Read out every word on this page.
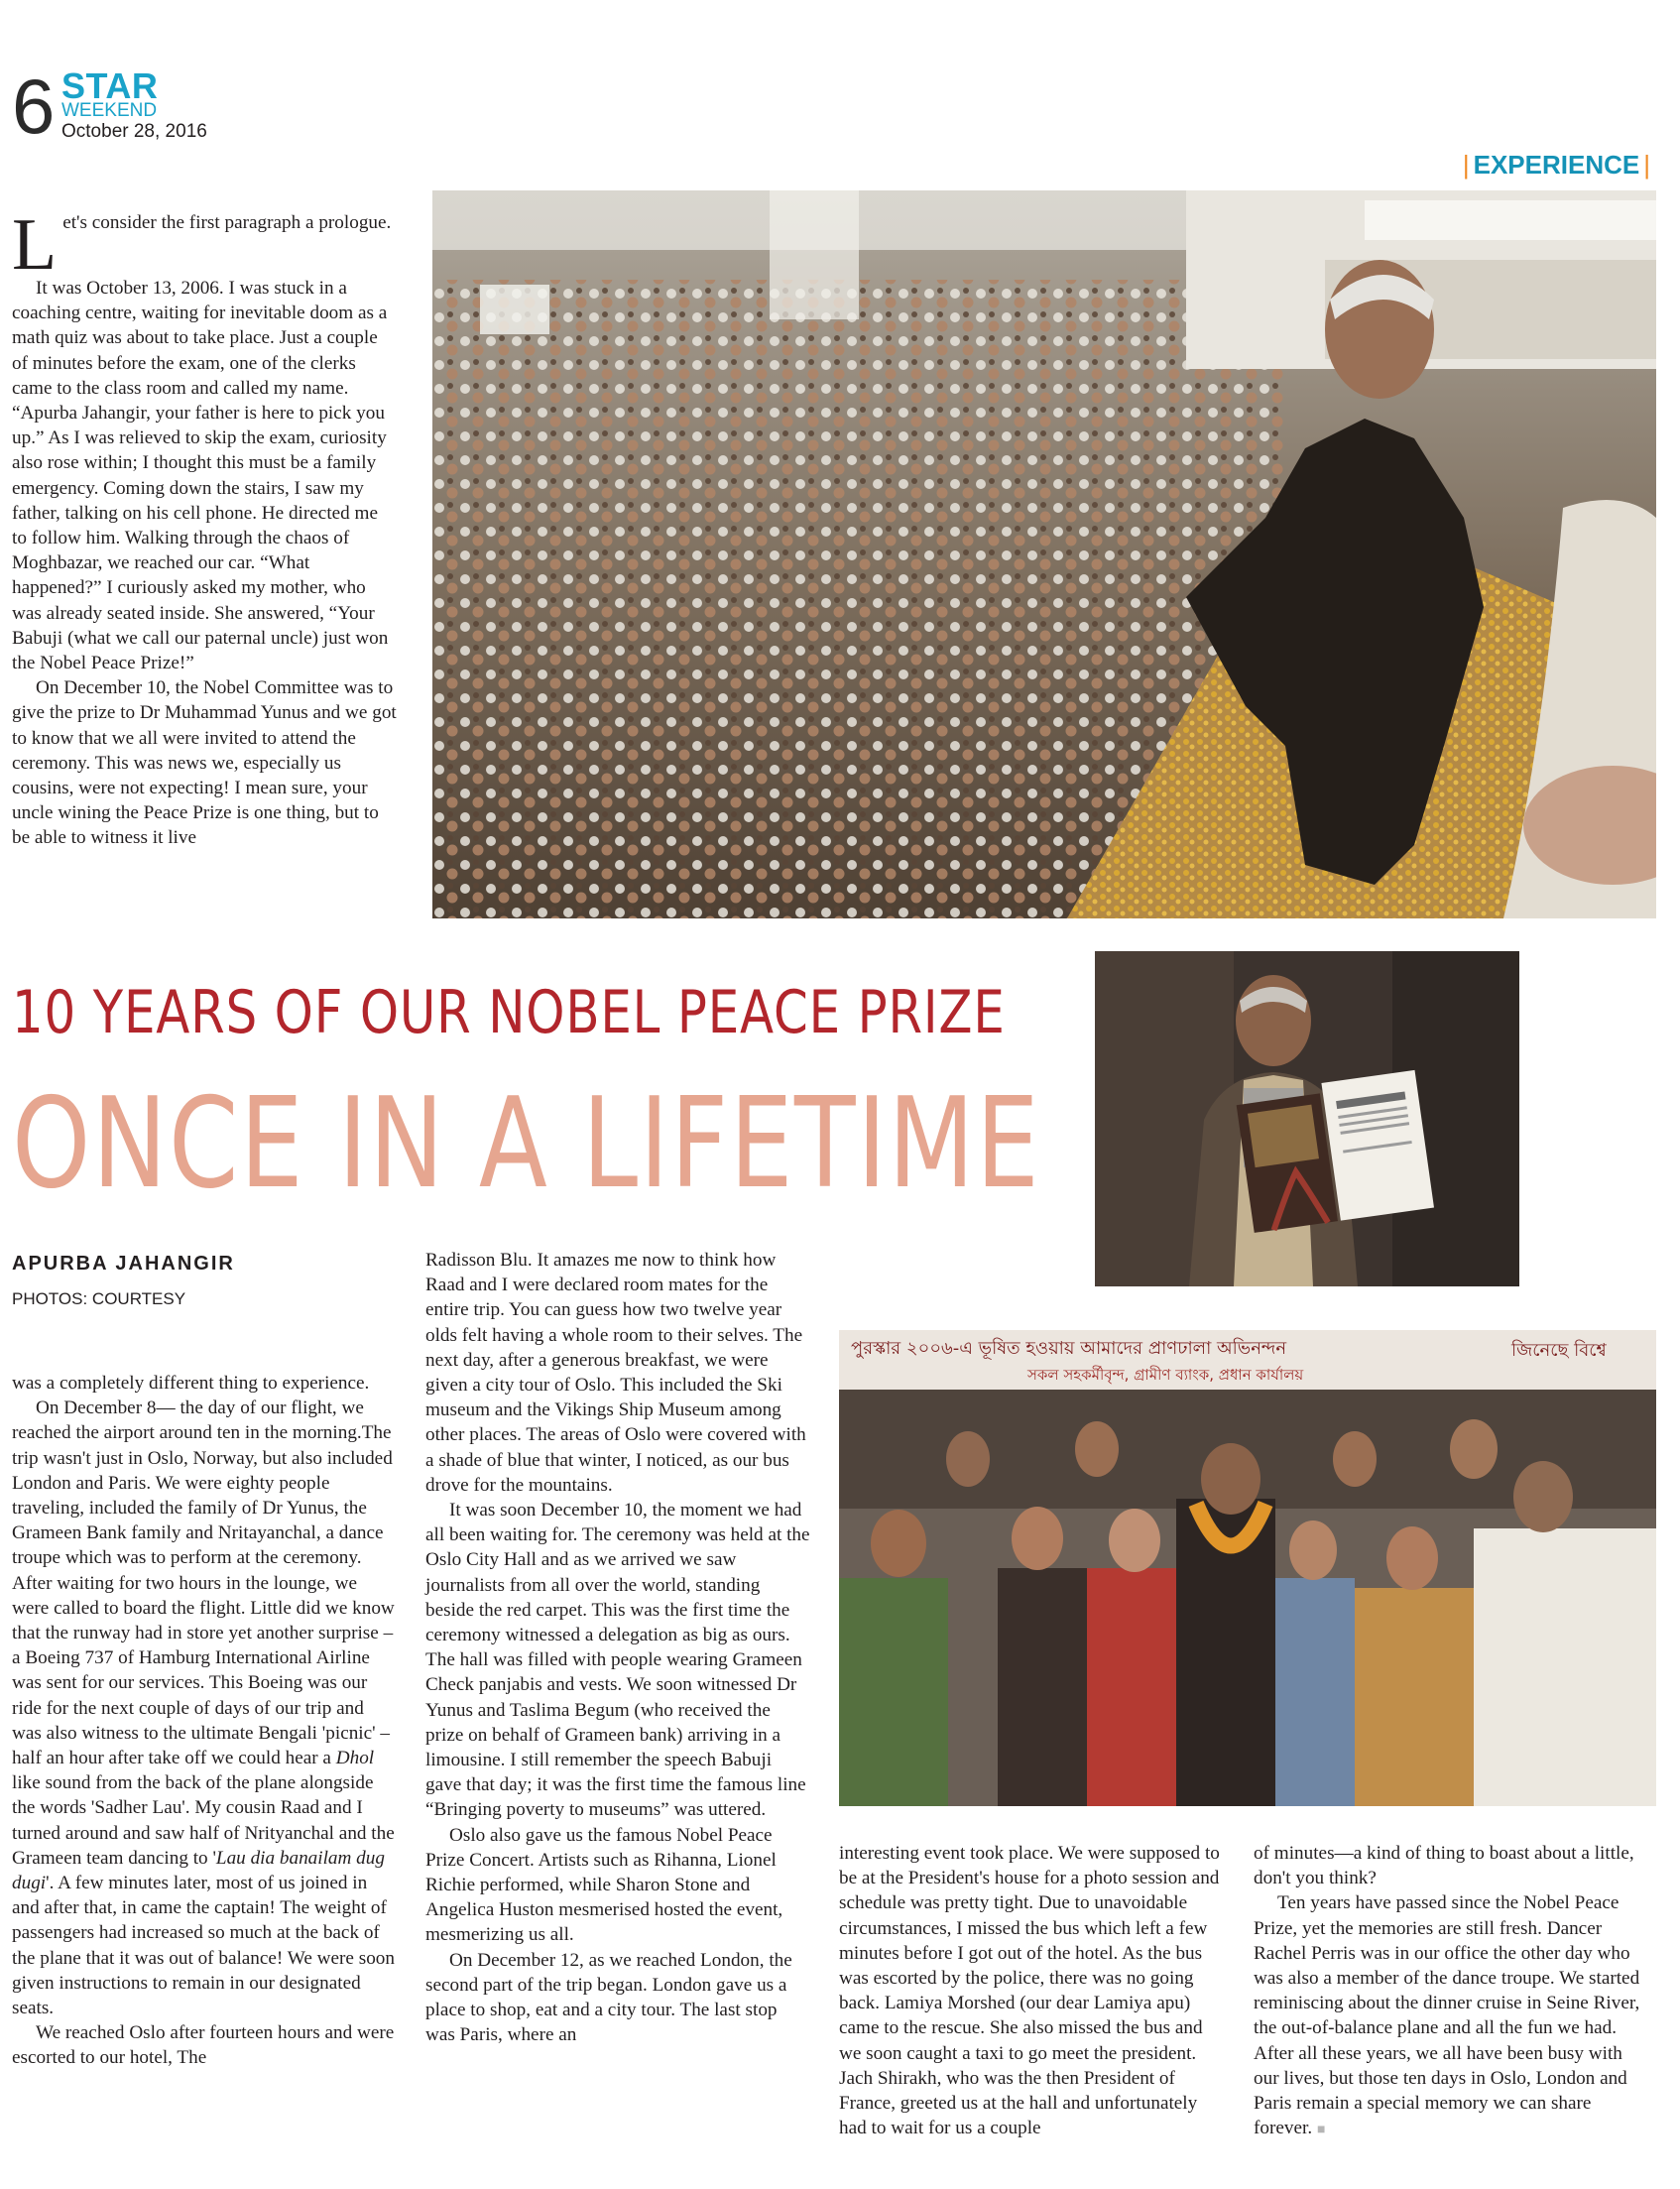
6 STAR
WEEKEND
October 28, 2016
| EXPERIENCE |

Let's consider the first paragraph a prologue.

It was October 13, 2006. I was stuck in a coaching centre, waiting for inevitable doom as a math quiz was about to take place. Just a couple of minutes before the exam, one of the clerks came to the class room and called my name. “Apurba Jahangir, your father is here to pick you up.” As I was relieved to skip the exam, curiosity also rose within; I thought this must be a family emergency. Coming down the stairs, I saw my father, talking on his cell phone. He directed me to follow him. Walking through the chaos of Moghbazar, we reached our car. “What happened?” I curiously asked my mother, who was already seated inside. She answered, “Your Babuji (what we call our paternal uncle) just won the Nobel Peace Prize!”

On December 10, the Nobel Committee was to give the prize to Dr Muhammad Yunus and we got to know that we all were invited to attend the ceremony. This was news we, especially us cousins, were not expecting! I mean sure, your uncle wining the Peace Prize is one thing, but to be able to witness it live

10 YEARS OF OUR NOBEL PEACE PRIZE
ONCE IN A LIFETIME
APURBA JAHANGIR
PHOTOS: COURTESY

was a completely different thing to experience.

On December 8— the day of our flight, we reached the airport around ten in the morning.The trip wasn't just in Oslo, Norway, but also included London and Paris. We were eighty people traveling, included the family of Dr Yunus, the Grameen Bank family and Nritayanchal, a dance troupe which was to perform at the ceremony. After waiting for two hours in the lounge, we were called to board the flight. Little did we know that the runway had in store yet another surprise – a Boeing 737 of Hamburg International Airline was sent for our services. This Boeing was our ride for the next couple of days of our trip and was also witness to the ultimate Bengali 'picnic' – half an hour after take off we could hear a Dhol like sound from the back of the plane alongside the words 'Sadher Lau'. My cousin Raad and I turned around and saw half of Nrityanchal and the Grameen team dancing to 'Lau dia banailam dug dugi'. A few minutes later, most of us joined in and after that, in came the captain! The weight of passengers had increased so much at the back of the plane that it was out of balance! We were soon given instructions to remain in our designated seats.

We reached Oslo after fourteen hours and were escorted to our hotel, The

Radisson Blu. It amazes me now to think how Raad and I were declared room mates for the entire trip. You can guess how two twelve year olds felt having a whole room to their selves. The next day, after a generous breakfast, we were given a city tour of Oslo. This included the Ski museum and the Vikings Ship Museum among other places. The areas of Oslo were covered with a shade of blue that winter, I noticed, as our bus drove for the mountains.

It was soon December 10, the moment we had all been waiting for. The ceremony was held at the Oslo City Hall and as we arrived we saw journalists from all over the world, standing beside the red carpet. This was the first time the ceremony witnessed a delegation as big as ours. The hall was filled with people wearing Grameen Check panjabis and vests. We soon witnessed Dr Yunus and Taslima Begum (who received the prize on behalf of Grameen bank) arriving in a limousine. I still remember the speech Babuji gave that day; it was the first time the famous line “Bringing poverty to museums” was uttered.

Oslo also gave us the famous Nobel Peace Prize Concert. Artists such as Rihanna, Lionel Richie performed, while Sharon Stone and Angelica Huston mesmerised hosted the event, mesmerizing us all.

On December 12, as we reached London, the second part of the trip began. London gave us a place to shop, eat and a city tour. The last stop was Paris, where an

পুরস্কার ২০০৬-এ ভূষিত হওয়ায় আমাদের প্রাণঢালা অভিনন্দন
সকল সহকর্মীবৃন্দ, গ্রামীণ ব্যাংক, প্রধান কার্যালয়
জিনেছে বিশ্বে

interesting event took place. We were supposed to be at the President's house for a photo session and schedule was pretty tight. Due to unavoidable circumstances, I missed the bus which left a few minutes before I got out of the hotel. As the bus was escorted by the police, there was no going back. Lamiya Morshed (our dear Lamiya apu) came to the rescue. She also missed the bus and we soon caught a taxi to go meet the president. Jach Shirakh, who was the then President of France, greeted us at the hall and unfortunately had to wait for us a couple

of minutes—a kind of thing to boast about a little, don't you think?

Ten years have passed since the Nobel Peace Prize, yet the memories are still fresh. Dancer Rachel Perris was in our office the other day who was also a member of the dance troupe. We started reminiscing about the dinner cruise in Seine River, the out-of-balance plane and all the fun we had. After all these years, we all have been busy with our lives, but those ten days in Oslo, London and Paris remain a special memory we can share forever. ■
